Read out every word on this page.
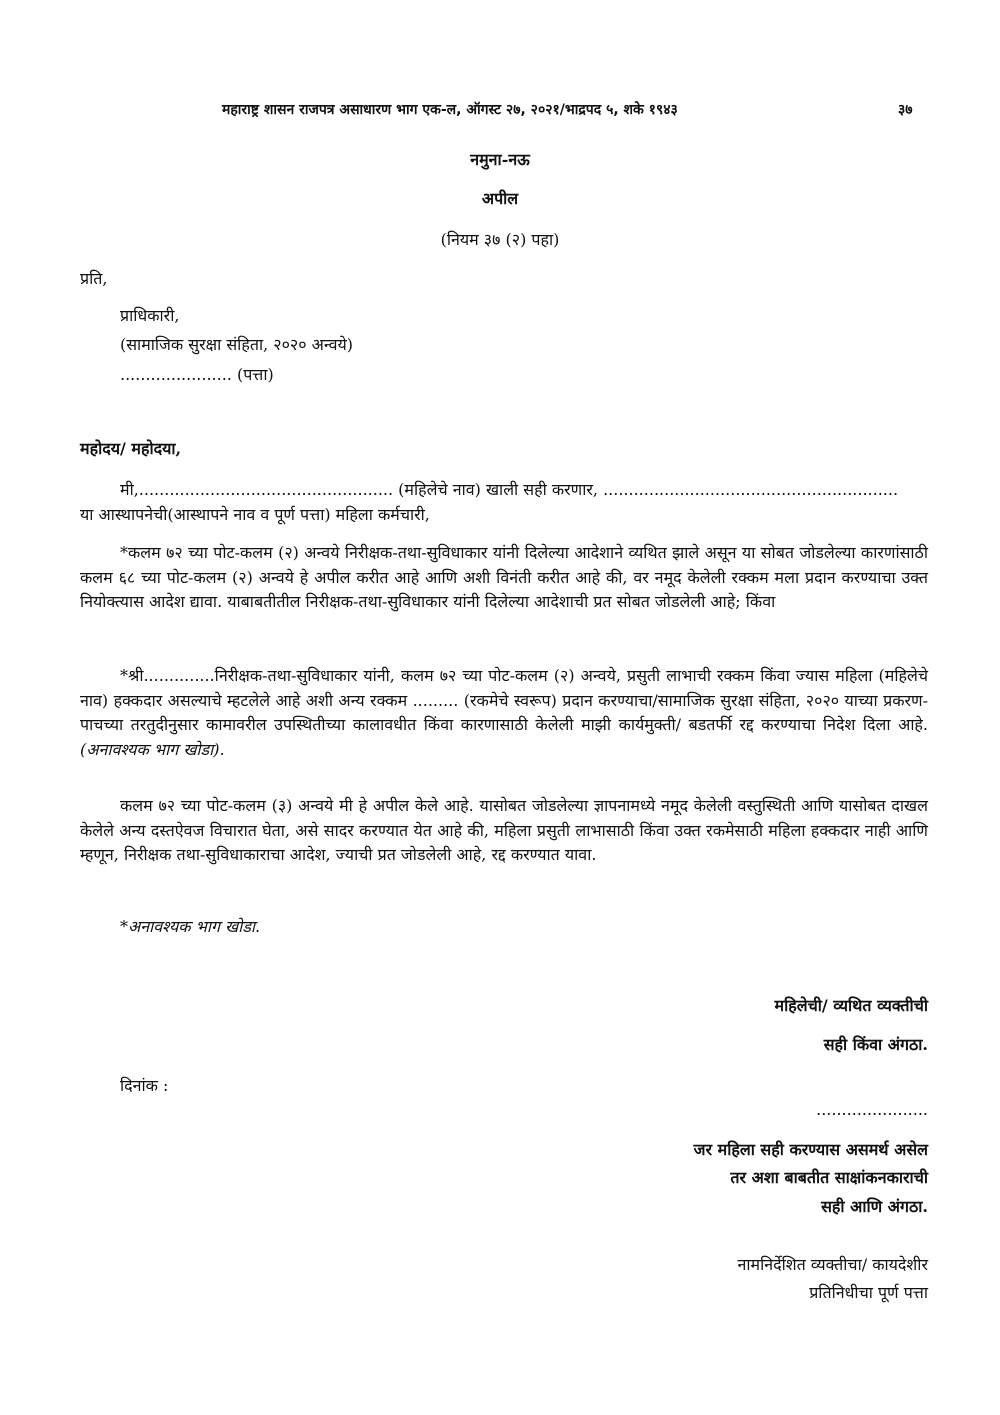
महाराष्ट्र शासन राजपत्र असाधारण भाग एक-ल, ऑगस्ट २७, २०२१/भाद्रपद ५, शके १९४३	३७
नमुना-नऊ
अपील
(नियम ३७ (२) पहा)
प्रति,
प्राधिकारी,
(सामाजिक सुरक्षा संहिता, २०२० अन्वये)
...................... (पत्ता)
महोदय/ महोदया,
मी,.................................................. (महिलेचे नाव) खाली सही करणार, ..........................................................
या आस्थापनेची(आस्थापने नाव व पूर्ण पत्ता) महिला कर्मचारी,
*कलम ७२ च्या पोट-कलम (२) अन्वये निरीक्षक-तथा-सुविधाकार यांनी दिलेल्या आदेशाने व्यथित झाले असून या सोबत जोडलेल्या कारणांसाठी कलम ६८ च्या पोट-कलम (२) अन्वये हे अपील करीत आहे आणि अशी विनंती करीत आहे की, वर नमूद केलेली रक्कम मला प्रदान करण्याचा उक्त नियोक्त्यास आदेश द्यावा. याबाबतीतील निरीक्षक-तथा-सुविधाकार यांनी दिलेल्या आदेशाची प्रत सोबत जोडलेली आहे; किंवा
*श्री..............निरीक्षक-तथा-सुविधाकार यांनी, कलम ७२ च्या पोट-कलम (२) अन्वये, प्रसुती लाभाची रक्कम किंवा ज्यास महिला (महिलेचे नाव) हक्कदार असल्याचे म्हटलेले आहे अशी अन्य रक्कम ......... (रकमेचे स्वरूप) प्रदान करण्याचा/सामाजिक सुरक्षा संहिता, २०२० याच्या प्रकरण-पाचच्या तरतुदीनुसार कामावरील उपस्थितीच्या कालावधीत किंवा कारणासाठी केलेली माझी कार्यमुक्ती/ बडतर्फी रद्द करण्याचा निदेश दिला आहे. (अनावश्यक भाग खोडा).
कलम ७२ च्या पोट-कलम (३) अन्वये मी हे अपील केले आहे. यासोबत जोडलेल्या ज्ञापनामध्ये नमूद केलेली वस्तुस्थिती आणि यासोबत दाखल केलेले अन्य दस्तऐवज विचारात घेता, असे सादर करण्यात येत आहे की, महिला प्रसुती लाभासाठी किंवा उक्त रकमेसाठी महिला हक्कदार नाही आणि म्हणून, निरीक्षक तथा-सुविधाकाराचा आदेश, ज्याची प्रत जोडलेली आहे, रद्द करण्यात यावा.
*अनावश्यक भाग खोडा.
महिलेची/ व्यथित व्यक्तीची
सही किंवा अंगठा.
दिनांक :
......................
जर महिला सही करण्यास असमर्थ असेल
तर अशा बाबतीत साक्षांकनकाराची
सही आणि अंगठा.
नामनिर्देशित व्यक्तीचा/ कायदेशीर
प्रतिनिधीचा पूर्ण पत्ता
